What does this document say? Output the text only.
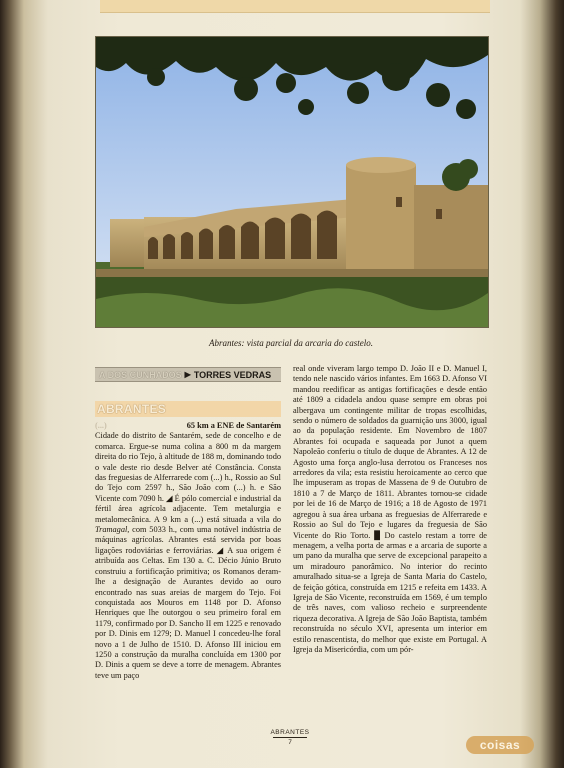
Abrantes: vista parcial da arcaria do castelo.
A DOS CUNHADOS ▶ TORRES VEDRAS
ABRANTES
(...)	65 km a ENE de Santarém

Cidade do distrito de Santarém, sede de concelho e de comarca. Ergue-se numa colina a 800 m da margem direita do rio Tejo, à altitude de 188 m, dominando todo o vale deste rio desde Belver até Constância. Consta das freguesias de Alferrarede com (...) h., Rossio ao Sul do Tejo com 2597 h., São João com (...) h. e São Vicente com 7090 h. ◢ É pólo comercial e industrial da fértil área agrícola adjacente. Tem metalurgia e metalomecânica. A 9 km a (...) está situada a vila do Tramagal, com 5033 h., com uma notável indústria de máquinas agrícolas. Abrantes está servida por boas ligações rodoviárias e ferroviárias. ◢ A sua origem é atribuída aos Celtas. Em 130 a. C. Décio Júnio Bruto construiu a fortificação primitiva; os Romanos deram-lhe a designação de Aurantes devido ao ouro encontrado nas suas areias de margem do Tejo. Foi conquistada aos Mouros em 1148 por D. Afonso Henriques que lhe outorgou o seu primeiro foral em 1179, confirmado por D. Sancho II em 1225 e renovado por D. Dinis em 1279; D. Manuel I concedeu-lhe foral novo a 1 de Julho de 1510. D. Afonso III iniciou em 1250 a construção da muralha concluída em 1300 por D. Dinis a quem se deve a torre de menagem. Abrantes teve um paço

real onde viveram largo tempo D. João II e D. Manuel I, tendo nele nascido vários infantes. Em 1663 D. Afonso VI mandou reedificar as antigas fortificações e desde então até 1809 a cidadela andou quase sempre em obras poi albergava um contingente militar de tropas escolhidas, sendo o número de soldados da guarnição uns 3000, igual ao da população residente. Em Novembro de 1807 Abrantes foi ocupada e saqueada por Junot a quem Napoleão conferiu o título de duque de Abrantes. A 12 de Agosto uma força anglo-lusa derrotou os Franceses nos arredores da vila; esta resistiu heroicamente ao cerco que lhe impuseram as tropas de Massena de 9 de Outubro de 1810 a 7 de Março de 1811. Abrantes tornou-se cidade por lei de 16 de Março de 1916; a 18 de Agosto de 1971 agregou à sua área urbana as freguesias de Alferrarede e Rossio ao Sul do Tejo e lugares da freguesia de São Vicente do Rio Torto. ▉ Do castelo restam a torre de menagem, a velha porta de armas e a arcaria de suporte a um pano da muralha que serve de excepcional parapeito a um miradouro panorâmico. No interior do recinto amuralhado situa-se a Igreja de Santa Maria do Castelo, de feição gótica, construída em 1215 e refeita em 1433. A Igreja de São Vicente, reconstruída em 1569, é um templo de três naves, com valioso recheio e surpreendente riqueza decorativa. A Igreja de São João Baptista, também reconstruída no século XVI, apresenta um interior em estilo renascentista, do melhor que existe em Portugal. A Igreja da Misericórdia, com um pór-

ABRANTES
7	coisas
